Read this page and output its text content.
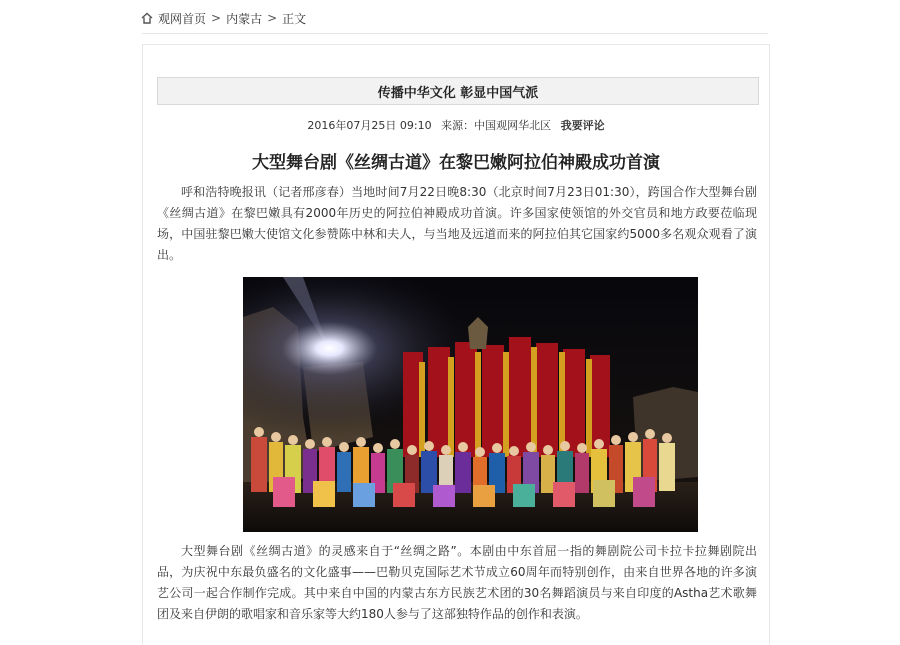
观网首页 > 内蒙古 > 正文
传播中华文化 彰显中国气派
2016年07月25日 09:10 来源：中国观网华北区 我要评论
大型舞台剧《丝绸古道》在黎巴嫩阿拉伯神殿成功首演

呼和浩特晚报讯（记者邢彦春）当地时间7月22日晚8:30（北京时间7月23日01:30），跨国合作大型舞台剧《丝绸古道》在黎巴嫩具有2000年历史的阿拉伯神殿成功首演。许多国家使领馆的外交官员和地方政要莅临现场，中国驻黎巴嫩大使馆文化参赞陈中林和夫人，与当地及远道而来的阿拉伯其它国家约5000多名观众观看了演出。

大型舞台剧《丝绸古道》的灵感来自于“丝绸之路”。本剧由中东首屈一指的舞剧院公司卡拉卡拉舞剧院出品，为庆祝中东最负盛名的文化盛事——巴勒贝克国际艺术节成立60周年而特别创作，由来自世界各地的许多演艺公司一起合作制作完成。其中来自中国的内蒙古东方民族艺术团的30名舞蹈演员与来自印度的Astha艺术歌舞团及来自伊朗的歌唱家和音乐家等大约180人参与了这部独特作品的创作和表演。
